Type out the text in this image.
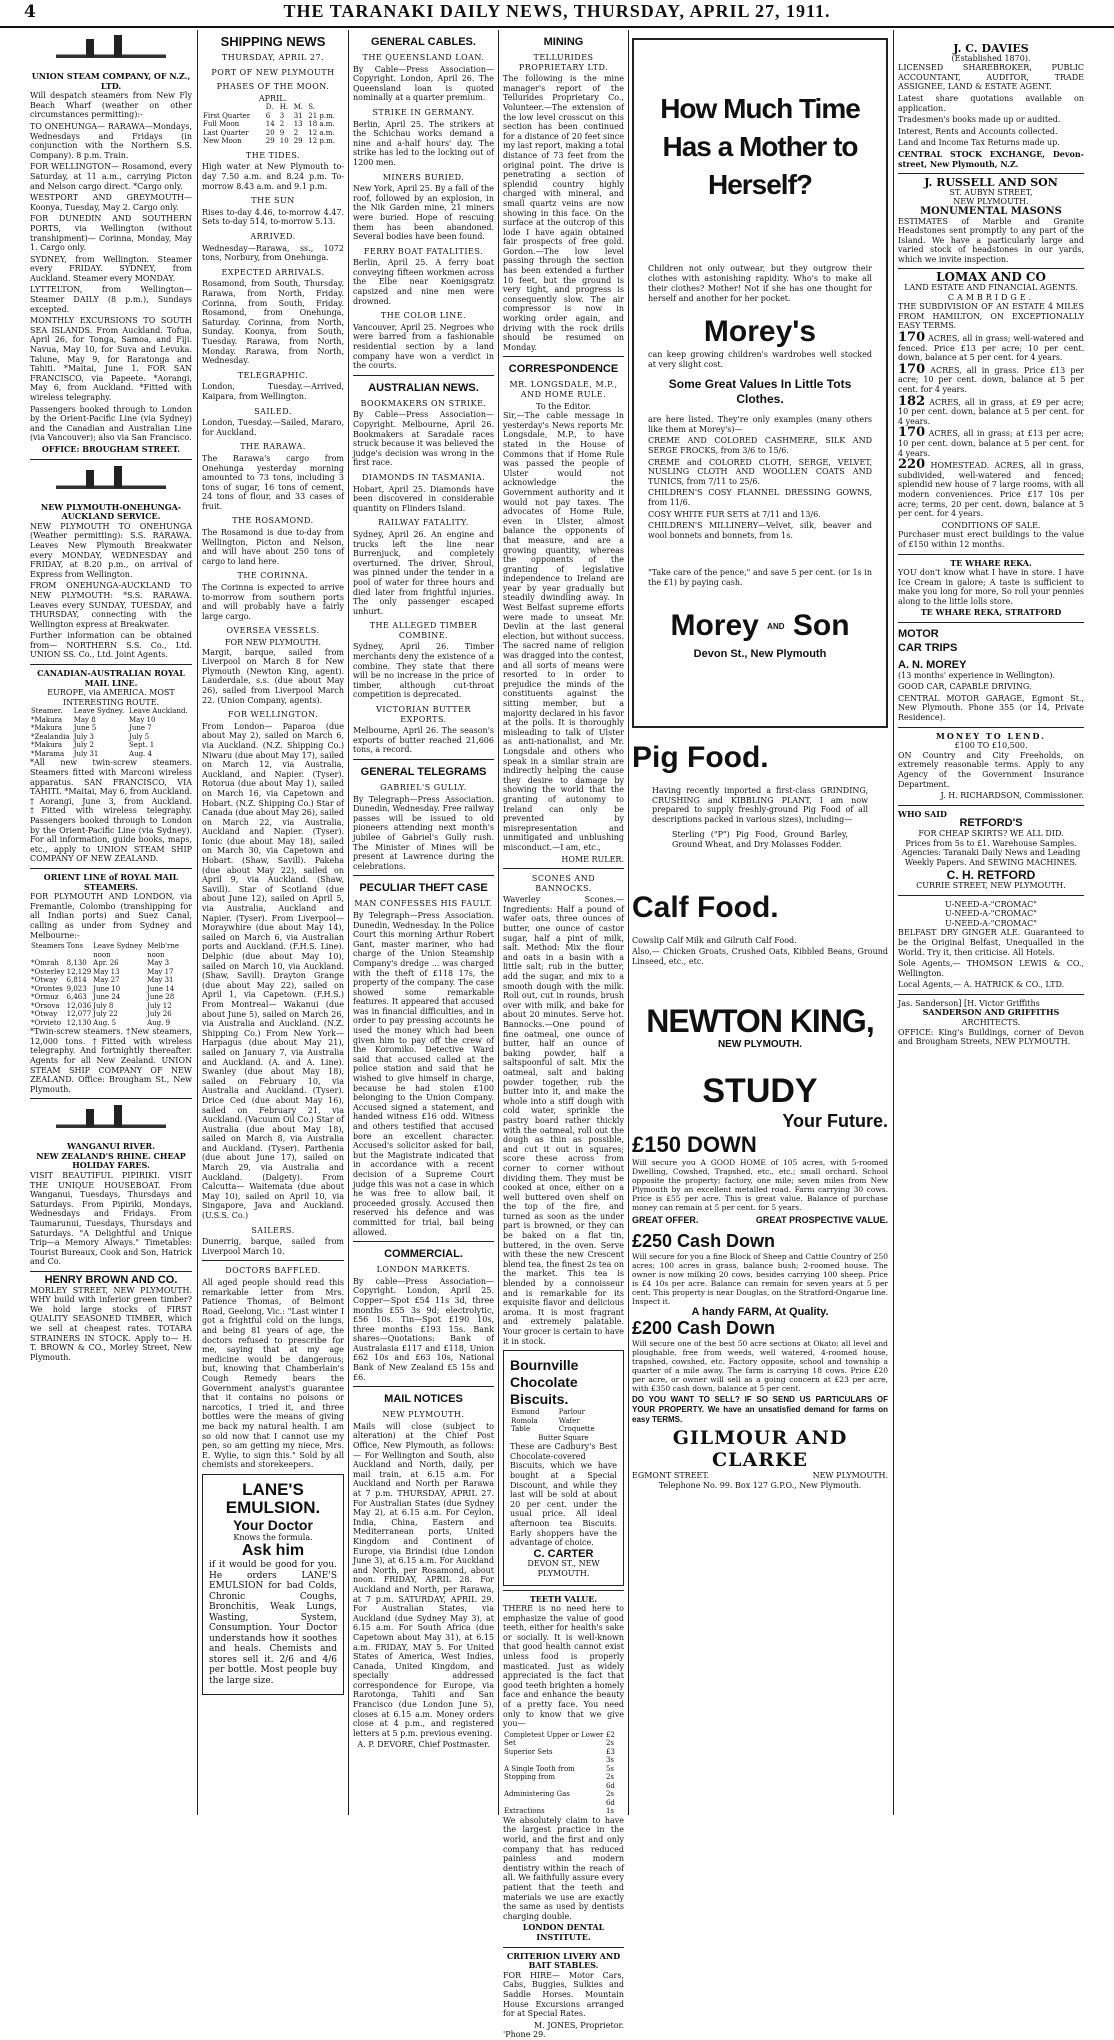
4	THE TARANAKI DAILY NEWS, THURSDAY, APRIL 27, 1911.
UNION STEAM COMPANY, OF N.Z., LTD.

Will despatch steamers from New Fly Beach Wharf (weather on other circumstances permitting):-

TO ONEHUNGA— RARAWA—Mondays, Wednesdays and Fridays (in conjunction with the Northern S.S. Company). 8 p.m. Train.

FOR WELLINGTON— Rosamond, every Saturday, at 11 a.m., carrying Picton and Nelson cargo direct. *Cargo only.

WESTPORT AND GREYMOUTH— Koonya, Tuesday, May 2. Cargo only.

FOR DUNEDIN AND SOUTHERN PORTS, via Wellington (without transhipment)— Corinna, Monday, May 1. Cargo only.

SYDNEY, from Wellington. Steamer every FRIDAY. SYDNEY, from Auckland. Steamer every MONDAY.

LYTTELTON, from Wellington— Steamer DAILY (8 p.m.), Sundays excepted.

MONTHLY EXCURSIONS TO SOUTH SEA ISLANDS. From Auckland. Tofua, April 26, for Tonga, Samoa, and Fiji. Navua, May 10, for Suva and Levuka. Talune, May 9, for Raratonga and Tahiti. *Maitai, June 1. FOR SAN FRANCISCO, via Papeete. *Aorangi, May 6, from Auckland. *Fitted with wireless telegraphy.

Passengers booked through to London by the Orient-Pacific Line (via Sydney) and the Canadian and Australian Line (via Vancouver); also via San Francisco.

OFFICE: BROUGHAM STREET.
NEW PLYMOUTH-ONEHUNGA-AUCKLAND SERVICE.

NEW PLYMOUTH TO ONEHUNGA (Weather permitting): S.S. RARAWA. Leaves New Plymouth Breakwater every MONDAY, WEDNESDAY and FRIDAY, at 8.20 p.m., on arrival of Express from Wellington.

FROM ONEHUNGA-AUCKLAND TO NEW PLYMOUTH: *S.S. RARAWA. Leaves every SUNDAY, TUESDAY, and THURSDAY, connecting with the Wellington express at Breakwater.

Further information can be obtained from— NORTHERN S.S. Co., Ltd. UNION SS. Co., Ltd. Joint Agents.

CANADIAN-AUSTRALIAN ROYAL MAIL LINE.
EUROPE, via AMERICA. MOST INTERESTING ROUTE.
Steamer.	Leave Sydney.	Leave Auckland.
*Makura	May 8	May 10
*Makura	June 5	June 7
*Zealandia	July 3	July 5
*Makura	July 2	Sept. 1
*Marama	July 31	Aug. 4

*All new twin-screw steamers. Steamers fitted with Marconi wireless apparatus. SAN FRANCISCO, VIA TAHITI. *Maitai, May 6, from Auckland. †Aorangi, June 3, from Auckland. †Fitted with wireless telegraphy. Passengers booked through to London by the Orient-Pacific Line (via Sydney). For all information, guide books, maps, etc., apply to UNION STEAM SHIP COMPANY OF NEW ZEALAND.

ORIENT LINE of ROYAL MAIL STEAMERS.

FOR PLYMOUTH AND LONDON, via Fremantle, Colombo (transhipping for all Indian ports) and Suez Canal, calling as under from Sydney and Melbourne:-

Steamers	Tons	Leave Sydney noon	Melb'rne noon
*Omrah	8,130	Apr. 26	May 3
*Osterley	12,129	May 13	May 17
*Otway	6,814	May 27	May 31
*Orontes	9,023	June 10	June 14
*Ormuz	6,463	June 24	June 28
*Orsova	12,036	July 8	July 12
*Otway	12,077	July 22	July 26
*Orvieto	12,130	Aug. 5	Aug. 9

*Twin-screw steamers. †New steamers, 12,000 tons. †Fitted with wireless telegraphy. And fortnightly thereafter. Agents for all New Zealand. UNION STEAM SHIP COMPANY OF NEW ZEALAND. Office: Brougham St., New Plymouth.

WANGANUI RIVER.
NEW ZEALAND'S RHINE. CHEAP HOLIDAY FARES.

VISIT BEAUTIFUL PIPIRIKI. VISIT THE UNIQUE HOUSEBOAT. From Wanganui, Tuesdays, Thursdays and Saturdays. From Pipiriki, Mondays, Wednesdays and Fridays. From Taumarunui, Tuesdays, Thursdays and Saturdays. "A Delightful and Unique Trip—a Memory Always." Timetables: Tourist Bureaux, Cook and Son, Hatrick and Co.

HENRY BROWN AND CO.

MORLEY STREET, NEW PLYMOUTH. WHY build with inferior green timber? We hold large stocks of FIRST QUALITY SEASONED TIMBER, which we sell at cheapest rates. TOTARA STRAINERS IN STOCK. Apply to— H. T. BROWN & CO., Morley Street, New Plymouth.

SHIPPING NEWS
THURSDAY, APRIL 27.
PORT OF NEW PLYMOUTH
PHASES OF THE MOON.
APRIL.
	D.	H.	M.	S.
First Quarter	6	3	31	21 p.m.
Full Moon	14	2	13	18 a.m.
Last Quarter	20	9	2	12 a.m.
New Moon	29	10	29	12 p.m.
THE TIDES.

High water at New Plymouth to-day 7.50 a.m. and 8.24 p.m. To-morrow 8.43 a.m. and 9.1 p.m.

THE SUN

Rises to-day 4.46, to-morrow 4.47. Sets to-day 514, to-morrow 5.13.

ARRIVED.

Wednesday—Rarawa, ss., 1072 tons, Norbury, from Onehunga.

EXPECTED ARRIVALS.

Rosamond, from South, Thursday. Rarawa, from North, Friday. Corinna, from South, Friday. Rosamond, from Onehunga, Saturday. Corinna, from North, Sunday. Koonya, from South, Tuesday. Rarawa, from North, Monday. Rarawa, from North, Wednesday.

TELEGRAPHIC.

London, Tuesday.—Arrived, Kaipara, from Wellington.

SAILED.

London, Tuesday.—Sailed, Mararo, for Auckland.

THE RARAWA.

The Rarawa's cargo from Onehunga yesterday morning amounted to 73 tons, including 3 tons of sugar, 16 tons of cement, 24 tons of flour, and 33 cases of fruit.

THE ROSAMOND.

The Rosamond is due to-day from Wellington, Picton and Nelson, and will have about 250 tons of cargo to land here.

THE CORINNA.

The Corinna is expected to arrive to-morrow from southern ports and will probably have a fairly large cargo.

OVERSEA VESSELS.
FOR NEW PLYMOUTH.

Margit, barque, sailed from Liverpool on March 8 for New Plymouth (Newton King, agent). Lauderdale, s.s. (due about May 26), sailed from Liverpool March 22. (Union Company, agents).

FOR WELLINGTON.

From London— Paparoa (due about May 2), sailed on March 6, via Auckland. (N.Z. Shipping Co.) Niwaru (due about May 17), sailed on March 12, via Australia, Auckland, and Napier. (Tyser). Rotorua (due about May 1), sailed on March 16, via Capetown and Hobart. (N.Z. Shipping Co.) Star of Canada (due about May 26), sailed on March 22, via Australia, Auckland and Napier. (Tyser). Ionic (due about May 18), sailed on March 30, via Capetown and Hobart. (Shaw, Savill). Pakeha (due about May 22), sailed on April 9, via Auckland. (Shaw, Savill). Star of Scotland (due about June 12), sailed on April 5, via Australia, Auckland and Napier. (Tyser). From Liverpool— Moraywhire (due about May 14), sailed on March 6, via Australian ports and Auckland. (F.H.S. Line). Delphic (due about May 10), sailed on March 10, via Auckland. (Shaw, Savill). Drayton Grange (due about May 22), sailed on April 1, via Capetown. (F.H.S.) From Montreal— Wakanui (due about June 5), sailed on March 26, via Australia and Auckland. (N.Z. Shipping Co.) From New York— Harpagus (due about May 21), sailed on January 7, via Australia and Auckland. (A. and A. Line). Swanley (due about May 18), sailed on February 10, via Australia and Auckland. (Tyser). Drice Ced (due about May 16), sailed on February 21, via Auckland. (Vacuum Oil Co.) Star of Australia (due about May 18), sailed on March 8, via Australia and Auckland. (Tyser). Parthenia (due about June 17), sailed on March 29, via Australia and Auckland. (Dalgety). From Calcutta— Waitemata (due about May 10), sailed on April 10, via Singapore, Java and Auckland. (U.S.S. Co.)

SAILERS.

Dunerrig, barque, sailed from Liverpool March 10.

DOCTORS BAFFLED.

All aged people should read this remarkable letter from Mrs. Patience Thomas, of Belmont Road, Geelong, Vic.: "Last winter I got a frightful cold on the lungs, and being 81 years of age, the doctors refused to prescribe for me, saying that at my age medicine would be dangerous; but, knowing that Chamberlain's Cough Remedy bears the Government analyst's guarantee that it contains no poisons or narcotics, I tried it, and three bottles were the means of giving me back my natural health. I am so old now that I cannot use my pen, so am getting my niece, Mrs. E. Wylie, to sign this." Sold by all chemists and storekeepers.

LANE'S EMULSION.
Your Doctor
Knows the formula.
Ask him

if it would be good for you. He orders LANE'S EMULSION for bad Colds, Chronic Coughs, Bronchitis, Weak Lungs, Wasting, System, Consumption. Your Doctor understands how it soothes and heals. Chemists and stores sell it. 2/6 and 4/6 per bottle. Most people buy the large size.

GENERAL CABLES.
THE QUEENSLAND LOAN.

By Cable—Press Association—Copyright. London, April 26. The Queensland loan is quoted nominally at a quarter premium.

STRIKE IN GERMANY.

Berlin, April 25. The strikers at the Schichau works demand a nine and a-half hours' day. The strike has led to the locking out of 1200 men.

MINERS BURIED.

New York, April 25. By a fall of the roof, followed by an explosion, in the Nik Garden mine, 21 miners were buried. Hope of rescuing them has been abandoned. Several bodies have been found.

FERRY BOAT FATALITIES.

Berlin, April 25. A ferry boat conveying fifteen workmen across the Elbe near Koenigsgratz capsized and nine men were drowned.

THE COLOR LINE.

Vancouver, April 25. Negroes who were barred from a fashionable residential section by a land company have won a verdict in the courts.

AUSTRALIAN NEWS.
BOOKMAKERS ON STRIKE.

By Cable—Press Association—Copyright. Melbourne, April 26. Bookmakers at Saradale races struck because it was believed the judge's decision was wrong in the first race.

DIAMONDS IN TASMANIA.

Hobart, April 25. Diamonds have been discovered in considerable quantity on Flinders Island.

RAILWAY FATALITY.

Sydney, April 26. An engine and trucks left the line near Burrenjuck, and completely overturned. The driver, Shroul, was pinned under the tender in a pool of water for three hours and died later from frightful injuries. The only passenger escaped unhurt.

THE ALLEGED TIMBER COMBINE.

Sydney, April 26. Timber merchants deny the existence of a combine. They state that there will be no increase in the price of timber, although cut-throat competition is deprecated.

VICTORIAN BUTTER EXPORTS.

Melbourne, April 26. The season's exports of butter reached 21,606 tons, a record.

GENERAL TELEGRAMS
GABRIEL'S GULLY.

By Telegraph—Press Association. Dunedin, Wednesday. Free railway passes will be issued to old pioneers attending next month's jubilee of Gabriel's Gully rush. The Minister of Mines will be present at Lawrence during the celebrations.

PECULIAR THEFT CASE
MAN CONFESSES HIS FAULT.

By Telegraph—Press Association. Dunedin, Wednesday. In the Police Court this morning Arthur Robert Gant, master mariner, who had charge of the Union Steamship Company's dredge ... was charged with the theft of £118 17s, the property of the company. The case showed some remarkable features. It appeared that accused was in financial difficulties, and in order to pay pressing accounts he used the money which had been given him to pay off the crew of the Koromiko. Detective Ward said that accused called at the police station and said that he wished to give himself in charge, because he had stolen £100 belonging to the Union Company. Accused signed a statement, and handed witness £16 odd. Witness and others testified that accused bore an excellent character. Accused's solicitor asked for bail, but the Magistrate indicated that in accordance with a recent decision of a Supreme Court judge this was not a case in which he was free to allow bail, it proceeded grossly. Accused then reserved his defence and was committed for trial, bail being allowed.

COMMERCIAL.
LONDON MARKETS.

By cable—Press Association—Copyright. London, April 25. Copper—Spot £54 11s 3d, three months £55 3s 9d; electrolytic, £56 10s. Tin—Spot £190 10s, three months £193 15s. Bank shares—Quotations: Bank of Australasia £117 and £118, Union £62 10s and £63 10s, National Bank of New Zealand £5 15s and £6.

MAIL NOTICES
NEW PLYMOUTH.

Mails will close (subject to alteration) at the Chief Post Office, New Plymouth, as follows:— For Wellington and South, also Auckland and North, daily, per mail train, at 6.15 a.m. For Auckland and North per Rarawa at 7 p.m. THURSDAY, APRIL 27. For Australian States (due Sydney May 2), at 6.15 a.m. For Ceylon, India, China, Eastern and Mediterranean ports, United Kingdom and Continent of Europe, via Brindisi (due London June 3), at 6.15 a.m. For Auckland and North, per Rosamond, about noon. FRIDAY, APRIL 28. For Auckland and North, per Rarawa, at 7 p.m. SATURDAY, APRIL 29. For Australian States, via Auckland (due Sydney May 3), at 6.15 a.m. For South Africa (due Capetown about May 31), at 6.15 a.m. FRIDAY, MAY 5. For United States of America, West Indies, Canada, United Kingdom, and specially addressed correspondence for Europe, via Rarotonga, Tahiti and San Francisco (due London June 5), closes at 6.15 a.m. Money orders close at 4 p.m., and registered letters at 5 p.m. previous evening.

A. P. DEVORE, Chief Postmaster.
MINING
TELLURIDES PROPRIETARY LTD.

The following is the mine manager's report of the Tellurides Proprietary Co., Volunteer.—The extension of the low level crosscut on this section has been continued for a distance of 20 feet since my last report, making a total distance of 73 feet from the original point. The drive is penetrating a section of splendid country highly charged with mineral, and small quartz veins are now showing in this face. On the surface at the outcrop of this lode I have again obtained fair prospects of free gold. Gordon.—The low level passing through the section has been extended a further 10 feet, but the ground is very tight, and progress is consequently slow. The air compressor is now in working order again, and driving with the rock drills should be resumed on Monday.

CORRESPONDENCE
MR. LONGSDALE, M.P., AND HOME RULE.
To the Editor.

Sir,—The cable message in yesterday's News reports Mr. Longsdale, M.P., to have stated in the House of Commons that if Home Rule was passed the people of Ulster would not acknowledge the Government authority and it would not pay taxes. The advocates of Home Rule, even in Ulster, almost balance the opponents of that measure, and are a growing quantity, whereas the opponents of the granting of legislative independence to Ireland are year by year gradually but steadily dwindling away. In West Belfast supreme efforts were made to unseat Mr. Devlin at the last general election, but without success. The sacred name of religion was dragged into the contest, and all sorts of means were resorted to in order to prejudice the minds of the constituents against the sitting member, but a majority declared in his favor at the polls. It is thoroughly misleading to talk of Ulster as anti-nationalist, and Mr. Longsdale and others who speak in a similar strain are indirectly helping the cause they desire to damage by showing the world that the granting of autonomy to Ireland can only be prevented by misrepresentation and unmitigated and unblushing misconduct.—I am, etc.,

HOME RULER.
SCONES AND BANNOCKS.

Waverley Scones.—Ingredients: Half a pound of wafer oats, three ounces of butter, one ounce of castor sugar, half a pint of milk, salt. Method: Mix the flour and oats in a basin with a little salt; rub in the butter, add the sugar, and mix to a smooth dough with the milk. Roll out, cut in rounds, brush over with milk, and bake for about 20 minutes. Serve hot. Bannocks.—One pound of fine oatmeal, one ounce of butter, half an ounce of baking powder, half a saltspoonful of salt. Mix the oatmeal, salt and baking powder together, rub the butter into it, and make the whole into a stiff dough with cold water, sprinkle the pastry board rather thickly with the oatmeal, roll out the dough as thin as possible, and cut it out in squares; score these across from corner to corner without dividing them. They must be cooked at once, either on a well buttered oven shelf on the top of the fire, and turned as soon as the under part is browned, or they can be baked on a flat tin, buttered, in the oven. Serve with these the new Crescent blend tea, the finest 2s tea on the market. This tea is blended by a connoisseur and is remarkable for its exquisite flavor and delicious aroma. It is most fragrant and extremely palatable. Your grocer is certain to have it in stock.

Bournville Chocolate Biscuits.
Esmond	Parlour
Romola	Wafer
Table	Croquette
Butter Square	

These are Cadbury's Best Chocolate-covered Biscuits, which we have bought at a Special Discount, and while they last will be sold at about 20 per cent. under the usual price. All ideal afternoon tea Biscuits. Early shoppers have the advantage of choice.

C. CARTER
DEVON ST., NEW PLYMOUTH.
TEETH VALUE.

THERE is no need here to emphasize the value of good teeth, either for health's sake or socially. It is well-known that good health cannot exist unless food is properly masticated. Just as widely appreciated is the fact that good teeth brighten a homely face and enhance the beauty of a pretty face. You need only to know that we give you—

Completest Upper or Lower Set	£2 2s
Superior Sets	£3 3s
A Single Tooth from	5s
Stopping from	2s 6d
Administering Gas	2s 6d
Extractions	1s

We absolutely claim to have the largest practice in the world, and the first and only company that has reduced painless and modern dentistry within the reach of all. We faithfully assure every patient that the teeth and materials we use are exactly the same as used by dentists charging double.

LONDON DENTAL INSTITUTE.
CRITERION LIVERY AND BAIT STABLES.

FOR HIRE— Motor Cars, Cabs, Buggies, Sulkies and Saddle Horses. Mountain House Excursions arranged for at Special Rates.

M. JONES, Proprietor.
'Phone 29.
How Much Time Has a Mother to Herself?

Children not only outwear, but they outgrow their clothes with astonishing rapidity. Who's to make all their clothes? Mother! Not if she has one thought for herself and another for her pocket.

Morey's

can keep growing children's wardrobes well stocked at very slight cost.

Some Great Values In Little Tots Clothes.

are here listed. They're only examples (many others like them at Morey's)—

CREME AND COLORED CASHMERE, SILK AND SERGE FROCKS, from 3/6 to 15/6.

CREME and COLORED CLOTH, SERGE, VELVET, NUSLING CLOTH AND WOOLLEN COATS AND TUNICS, from 7/11 to 25/6.

CHILDREN'S COSY FLANNEL DRESSING GOWNS, from 11/6.

COSY WHITE FUR SETS at 7/11 and 13/6.

CHILDREN'S MILLINERY—Velvet, silk, beaver and wool bonnets and bonnets, from 1s.

"Take care of the pence," and save 5 per cent. (or 1s in the £1) by paying cash.

Morey AND Son
Devon St., New Plymouth
Pig Food.

Having recently imported a first-class GRINDING, CRUSHING and KIBBLING PLANT, I am now prepared to supply freshly-ground Pig Food of all descriptions packed in various sizes), including—

Sterling ("P") Pig Food, Ground Barley, Ground Wheat, and Dry Molasses Fodder.

Calf Food.

Cowslip Calf Milk and Gilruth Calf Food.

Also,— Chicken Groats, Crushed Oats, Kibbled Beans, Ground Linseed, etc., etc.

NEWTON KING,
NEW PLYMOUTH.
STUDY
Your Future.
£150 DOWN

Will secure you A GOOD HOME of 105 acres, with 5-roomed Dwelling, Cowshed, Trapshed, etc., etc.; small orchard. School opposite the property; factory, one mile; seven miles from New Plymouth by an excellent metalled road. Farm carrying 30 cows. Price is £55 per acre. This is great value. Balance of purchase money can remain at 5 per cent. for 5 years.

GREAT OFFER.	GREAT PROSPECTIVE VALUE.
£250 Cash Down

Will secure for you a fine Block of Sheep and Cattle Country of 250 acres; 100 acres in grass, balance bush; 2-roomed house. The owner is now milking 20 cows, besides carrying 100 sheep. Price is £4 10s per acre. Balance can remain for seven years at 5 per cent. This property is near Douglas, on the Stratford-Ongarue line. Inspect it.

A handy FARM, At Quality.
£200 Cash Down

Will secure one of the best 50 acre sections at Okato; all level and ploughable, free from weeds, well watered, 4-roomed house, trapshed, cowshed, etc. Factory opposite, school and township a quarter of a mile away. The farm is carrying 18 cows. Price £20 per acre, or owner will sell as a going concern at £23 per acre, with £350 cash down, balance at 5 per cent.

DO YOU WANT TO SELL? IF SO SEND US PARTICULARS OF YOUR PROPERTY. We have an unsatisfied demand for farms on easy TERMS.

GILMOUR AND CLARKE
EGMONT STREET.	NEW PLYMOUTH.
Telephone No. 99. Box 127 G.P.O., New Plymouth.
J. C. DAVIES
(Established 1870).

LICENSED SHAREBROKER, PUBLIC ACCOUNTANT, AUDITOR, TRADE ASSIGNEE, LAND & ESTATE AGENT.

Latest share quotations available on application.

Tradesmen's books made up or audited.

Interest, Rents and Accounts collected.

Land and Income Tax Returns made up.

CENTRAL STOCK EXCHANGE, Devon-street, New Plymouth, N.Z.

J. RUSSELL AND SON
ST. AUBYN STREET,
NEW PLYMOUTH.
MONUMENTAL MASONS

ESTIMATES of Marble and Granite Headstones sent promptly to any part of the Island. We have a particularly large and varied stock of headstones in our yards, which we invite inspection.

LOMAX AND CO
LAND ESTATE AND FINANCIAL AGENTS.
CAMBRIDGE.

THE SUBDIVISION OF AN ESTATE 4 MILES FROM HAMILTON, ON EXCEPTIONALLY EASY TERMS.

170 ACRES, all in grass; well-watered and fenced. Price £13 per acre; 10 per cent. down, balance at 5 per cent. for 4 years.

170 ACRES, all in grass. Price £13 per acre; 10 per cent. down, balance at 5 per cent. for 4 years.

182 ACRES, all in grass, at £9 per acre; 10 per cent. down, balance at 5 per cent. for 4 years.

170 ACRES, all in grass; at £13 per acre; 10 per cent. down, balance at 5 per cent. for 4 years.

220 HOMESTEAD. ACRES, all in grass, subdivided, well-watered and fenced; splendid new house of 7 large rooms, with all modern conveniences. Price £17 10s per acre; terms, 20 per cent. down, balance at 5 per cent. for 4 years.

CONDITIONS OF SALE.

Purchaser must erect buildings to the value of £150 within 12 months.

TE WHARE REKA.

YOU don't know what I have in store. I have Ice Cream in galore; A taste is sufficient to make you long for more, So roll your pennies along to the little lolls store.

TE WHARE REKA, STRATFORD
MOTOR CAR TRIPS
A. N. MOREY

(13 months' experience in Wellington).

GOOD CAR, CAPABLE DRIVING.

CENTRAL MOTOR GARAGE, Egmont St., New Plymouth. Phone 355 (or 14, Private Residence).

MONEY TO LEND.
£100 TO £10,500.

ON Country and City Freeholds, on extremely reasonable terms. Apply to any Agency of the Government Insurance Department.

J. H. RICHARDSON, Commissioner.
WHO SAID
RETFORD'S
FOR CHEAP SKIRTS? WE ALL DID.
Prices from 5s to £1. Warehouse Samples.
Agencies: Taranaki Daily News and Leading Weekly Papers. And SEWING MACHINES.
C. H. RETFORD
CURRIE STREET, NEW PLYMOUTH.
U-NEED-A-"CROMAC"
U-NEED-A-"CROMAC"
U-NEED-A-"CROMAC"

BELFAST DRY GINGER ALE. Guaranteed to be the Original Belfast, Unequalled in the World. Try it, then criticise. All Hotels.

Sole Agents,— THOMSON LEWIS & CO., Wellington.

Local Agents,— A. HATRICK & CO., LTD.

Jas. Sanderson] [H. Victor Griffiths
SANDERSON AND GRIFFITHS
ARCHITECTS.

OFFICE: King's Buildings, corner of Devon and Brougham Streets, NEW PLYMOUTH.
